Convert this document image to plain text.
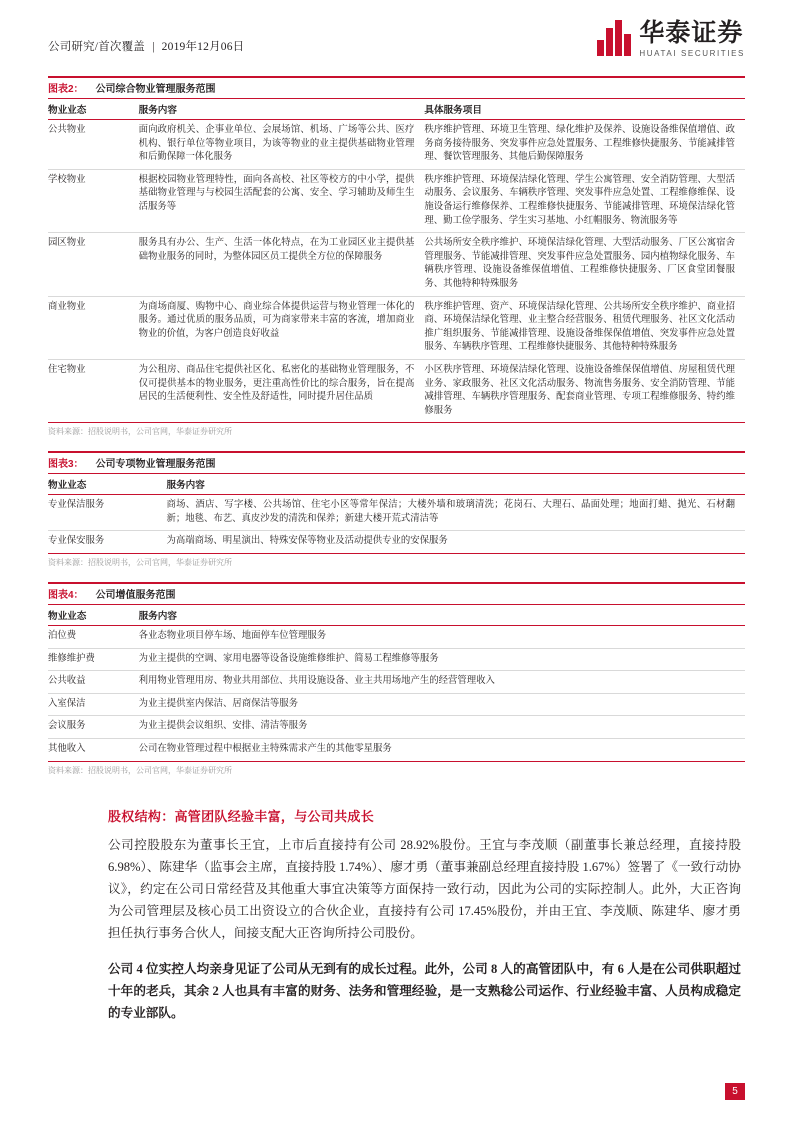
公司研究/首次覆盖 | 2019年12月06日	华泰证券
HUATAI SECURITIES
图表2： 公司综合物业管理服务范围
物业业态	服务内容	具体服务项目
公共物业	面向政府机关、企事业单位、会展场馆、机场、广场等公共、医疗机构、银行单位等物业项目，为该等物业的业主提供基础物业管理和后勤保障一体化服务	秩序维护管理、环境卫生管理、绿化维护及保养、设施设备维保值增值、政务商务接待服务、突发事件应急处置服务、工程维修快捷服务、节能减排管理、餐饮管理服务、其他后勤保障服务
学校物业	根据校园物业管理特性，面向各高校、社区等校方的中小学，提供基础物业管理与与校园生活配套的公寓、安全、学习辅助及师生生活服务等	秩序维护管理、环境保洁绿化管理、学生公寓管理、安全消防管理、大型活动服务、会议服务、车辆秩序管理、突发事件应急处置、工程维修维保、设施设备运行维修保养、工程维修快捷服务、节能减排管理、环境保洁绿化管理、勤工俭学服务、学生实习基地、小红帽服务、物流服务等
园区物业	服务具有办公、生产、生活一体化特点，在为工业园区业主提供基础物业服务的同时，为整体园区员工提供全方位的保障服务	公共场所安全秩序维护、环境保洁绿化管理、大型活动服务、厂区公寓宿舍管理服务、节能减排管理、突发事件应急处置服务、园内植物绿化服务、车辆秩序管理、设施设备维保值增值、工程维修快捷服务、厂区食堂团餐服务、其他特种特殊服务
商业物业	为商场商厦、购物中心、商业综合体提供运营与物业管理一体化的服务。通过优质的服务品质，可为商家带来丰富的客流，增加商业物业的价值，为客户创造良好收益	秩序维护管理、资产、环境保洁绿化管理、公共场所安全秩序维护、商业招商、环境保洁绿化管理、业主整合经营服务、租赁代理服务、社区文化活动推广组织服务、节能减排管理、设施设备维保保值增值、突发事件应急处置服务、车辆秩序管理、工程维修快捷服务、其他特种特殊服务
住宅物业	为公租房、商品住宅提供社区化、私密化的基础物业管理服务，不仅可提供基本的物业服务，更注重高性价比的综合服务，旨在提高居民的生活便利性、安全性及舒适性，同时提升居住品质	小区秩序管理、环境保洁绿化管理、设施设备维保保值增值、房屋租赁代理业务、家政服务、社区文化活动服务、物流售务服务、安全消防管理、节能减排管理、车辆秩序管理服务、配套商业管理、专项工程维修服务、特约维修服务
资料来源：招股说明书，公司官网，华泰证券研究所
图表3： 公司专项物业管理服务范围
物业业态	服务内容
专业保洁服务	商场、酒店、写字楼、公共场馆、住宅小区等常年保洁；大楼外墙和玻璃清洗；花岗石、大理石、晶面处理；地面打蜡、抛光、石材翻新；地毯、布艺、真皮沙发的清洗和保养；新建大楼开荒式清洁等
专业保安服务	为高端商场、明星演出、特殊安保等物业及活动提供专业的安保服务
资料来源：招股说明书，公司官网，华泰证券研究所
图表4： 公司增值服务范围
物业业态	服务内容
泊位费	各业态物业项目停车场、地面停车位管理服务
维修维护费	为业主提供的空调、家用电器等设备设施维修维护、简易工程维修等服务
公共收益	利用物业管理用房、物业共用部位、共用设施设备、业主共用场地产生的经营管理收入
入室保洁	为业主提供室内保洁、居商保洁等服务
会议服务	为业主提供会议组织、安排、清洁等服务
其他收入	公司在物业管理过程中根据业主特殊需求产生的其他零星服务
资料来源：招股说明书，公司官网，华泰证券研究所
股权结构：高管团队经验丰富，与公司共成长
公司控股股东为董事长王宜，上市后直接持有公司 28.92%股份。王宜与李茂顺（副董事长兼总经理，直接持股 6.98%）、陈建华（监事会主席，直接持股 1.74%）、廖才勇（董事兼副总经理直接持股 1.67%）签署了《一致行动协议》，约定在公司日常经营及其他重大事宜决策等方面保持一致行动，因此为公司的实际控制人。此外，大正咨询为公司管理层及核心员工出资设立的合伙企业，直接持有公司 17.45%股份，并由王宜、李茂顺、陈建华、廖才勇担任执行事务合伙人，间接支配大正咨询所持公司股份。
公司 4 位实控人均亲身见证了公司从无到有的成长过程。此外，公司 8 人的高管团队中，有 6 人是在公司供职超过十年的老兵，其余 2 人也具有丰富的财务、法务和管理经验，是一支熟稔公司运作、行业经验丰富、人员构成稳定的专业部队。
5
